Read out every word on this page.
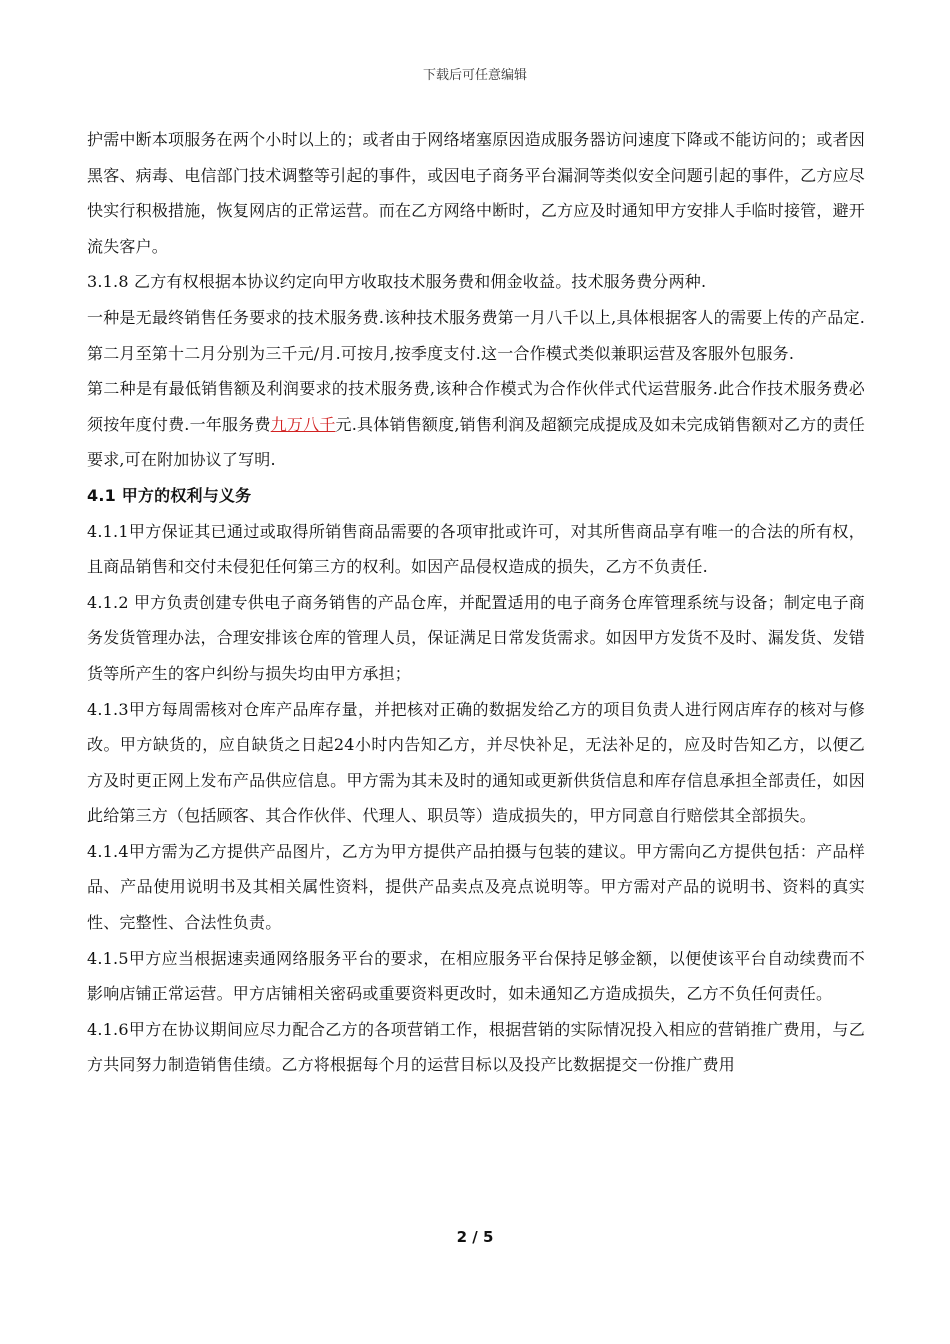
下载后可任意编辑

护需中断本项服务在两个小时以上的；或者由于网络堵塞原因造成服务器访问速度下降或不能访问的；或者因黑客、病毒、电信部门技术调整等引起的事件，或因电子商务平台漏洞等类似安全问题引起的事件，乙方应尽快实行积极措施，恢复网店的正常运营。而在乙方网络中断时，乙方应及时通知甲方安排人手临时接管，避开流失客户。

3.1.8 乙方有权根据本协议约定向甲方收取技术服务费和佣金收益。技术服务费分两种.

一种是无最终销售任务要求的技术服务费.该种技术服务费第一月八千以上,具体根据客人的需要上传的产品定.第二月至第十二月分别为三千元/月.可按月,按季度支付.这一合作模式类似兼职运营及客服外包服务.

第二种是有最低销售额及利润要求的技术服务费,该种合作模式为合作伙伴式代运营服务.此合作技术服务费必须按年度付费.一年服务费九万八千元.具体销售额度,销售利润及超额完成提成及如未完成销售额对乙方的责任要求,可在附加协议了写明.

4.1 甲方的权利与义务

4.1.1甲方保证其已通过或取得所销售商品需要的各项审批或许可，对其所售商品享有唯一的合法的所有权，且商品销售和交付未侵犯任何第三方的权利。如因产品侵权造成的损失，乙方不负责任.

4.1.2 甲方负责创建专供电子商务销售的产品仓库，并配置适用的电子商务仓库管理系统与设备；制定电子商务发货管理办法，合理安排该仓库的管理人员，保证满足日常发货需求。如因甲方发货不及时、漏发货、发错货等所产生的客户纠纷与损失均由甲方承担；

4.1.3甲方每周需核对仓库产品库存量，并把核对正确的数据发给乙方的项目负责人进行网店库存的核对与修改。甲方缺货的，应自缺货之日起24小时内告知乙方，并尽快补足，无法补足的，应及时告知乙方，以便乙方及时更正网上发布产品供应信息。甲方需为其未及时的通知或更新供货信息和库存信息承担全部责任，如因此给第三方（包括顾客、其合作伙伴、代理人、职员等）造成损失的，甲方同意自行赔偿其全部损失。

4.1.4甲方需为乙方提供产品图片，乙方为甲方提供产品拍摄与包装的建议。甲方需向乙方提供包括：产品样品、产品使用说明书及其相关属性资料，提供产品卖点及亮点说明等。甲方需对产品的说明书、资料的真实性、完整性、合法性负责。

4.1.5甲方应当根据速卖通网络服务平台的要求，在相应服务平台保持足够金额，以便使该平台自动续费而不影响店铺正常运营。甲方店铺相关密码或重要资料更改时，如未通知乙方造成损失，乙方不负任何责任。

4.1.6甲方在协议期间应尽力配合乙方的各项营销工作，根据营销的实际情况投入相应的营销推广费用，与乙方共同努力制造销售佳绩。乙方将根据每个月的运营目标以及投产比数据提交一份推广费用

2 / 5
